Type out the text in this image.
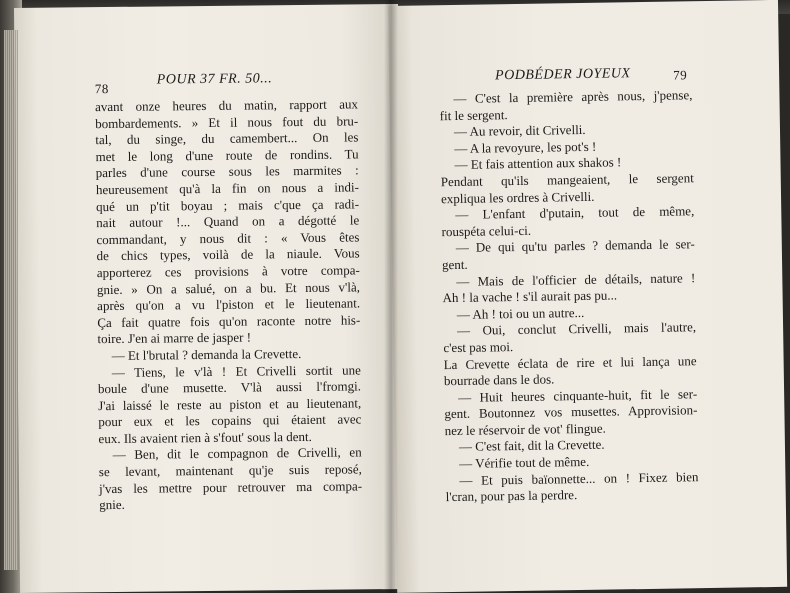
78
POUR 37 FR. 50...
avant onze heures du matin, rapport aux
bombardements. » Et il nous fout du bru-
tal, du singe, du camembert... On les
met le long d'une route de rondins. Tu
parles d'une course sous les marmites :
heureusement qu'à la fin on nous a indi-
qué un p'tit boyau ; mais c'que ça radi-
nait autour !... Quand on a dégotté le
commandant, y nous dit : « Vous êtes
de chics types, voilà de la niaule. Vous
apporterez ces provisions à votre compa-
gnie. » On a salué, on a bu. Et nous v'là,
après qu'on a vu l'piston et le lieutenant.
Ça fait quatre fois qu'on raconte notre his-
toire. J'en ai marre de jasper !
— Et l'brutal ? demanda la Crevette.
— Tiens, le v'là ! Et Crivelli sortit une
boule d'une musette. V'là aussi l'fromgi.
J'ai laissé le reste au piston et au lieutenant,
pour eux et les copains qui étaient avec
eux. Ils avaient rien à s'fout' sous la dent.
— Ben, dit le compagnon de Crivelli, en
se levant, maintenant qu'je suis reposé,
j'vas les mettre pour retrouver ma compa-
gnie.
PODBÉDER JOYEUX	79
— C'est la première après nous, j'pense,
fit le sergent.
— Au revoir, dit Crivelli.
— A la revoyure, les pot's !
— Et fais attention aux shakos !
Pendant qu'ils mangeaient, le sergent
expliqua les ordres à Crivelli.
— L'enfant d'putain, tout de même,
rouspéta celui-ci.
— De qui qu'tu parles ? demanda le ser-
gent.
— Mais de l'officier de détails, nature !
Ah ! la vache ! s'il aurait pas pu...
— Ah ! toi ou un autre...
— Oui, conclut Crivelli, mais l'autre,
c'est pas moi.
La Crevette éclata de rire et lui lança une
bourrade dans le dos.
— Huit heures cinquante-huit, fit le ser-
gent. Boutonnez vos musettes. Approvision-
nez le réservoir de vot' flingue.
— C'est fait, dit la Crevette.
— Vérifie tout de même.
— Et puis baïonnette... on ! Fixez bien
l'cran, pour pas la perdre.
